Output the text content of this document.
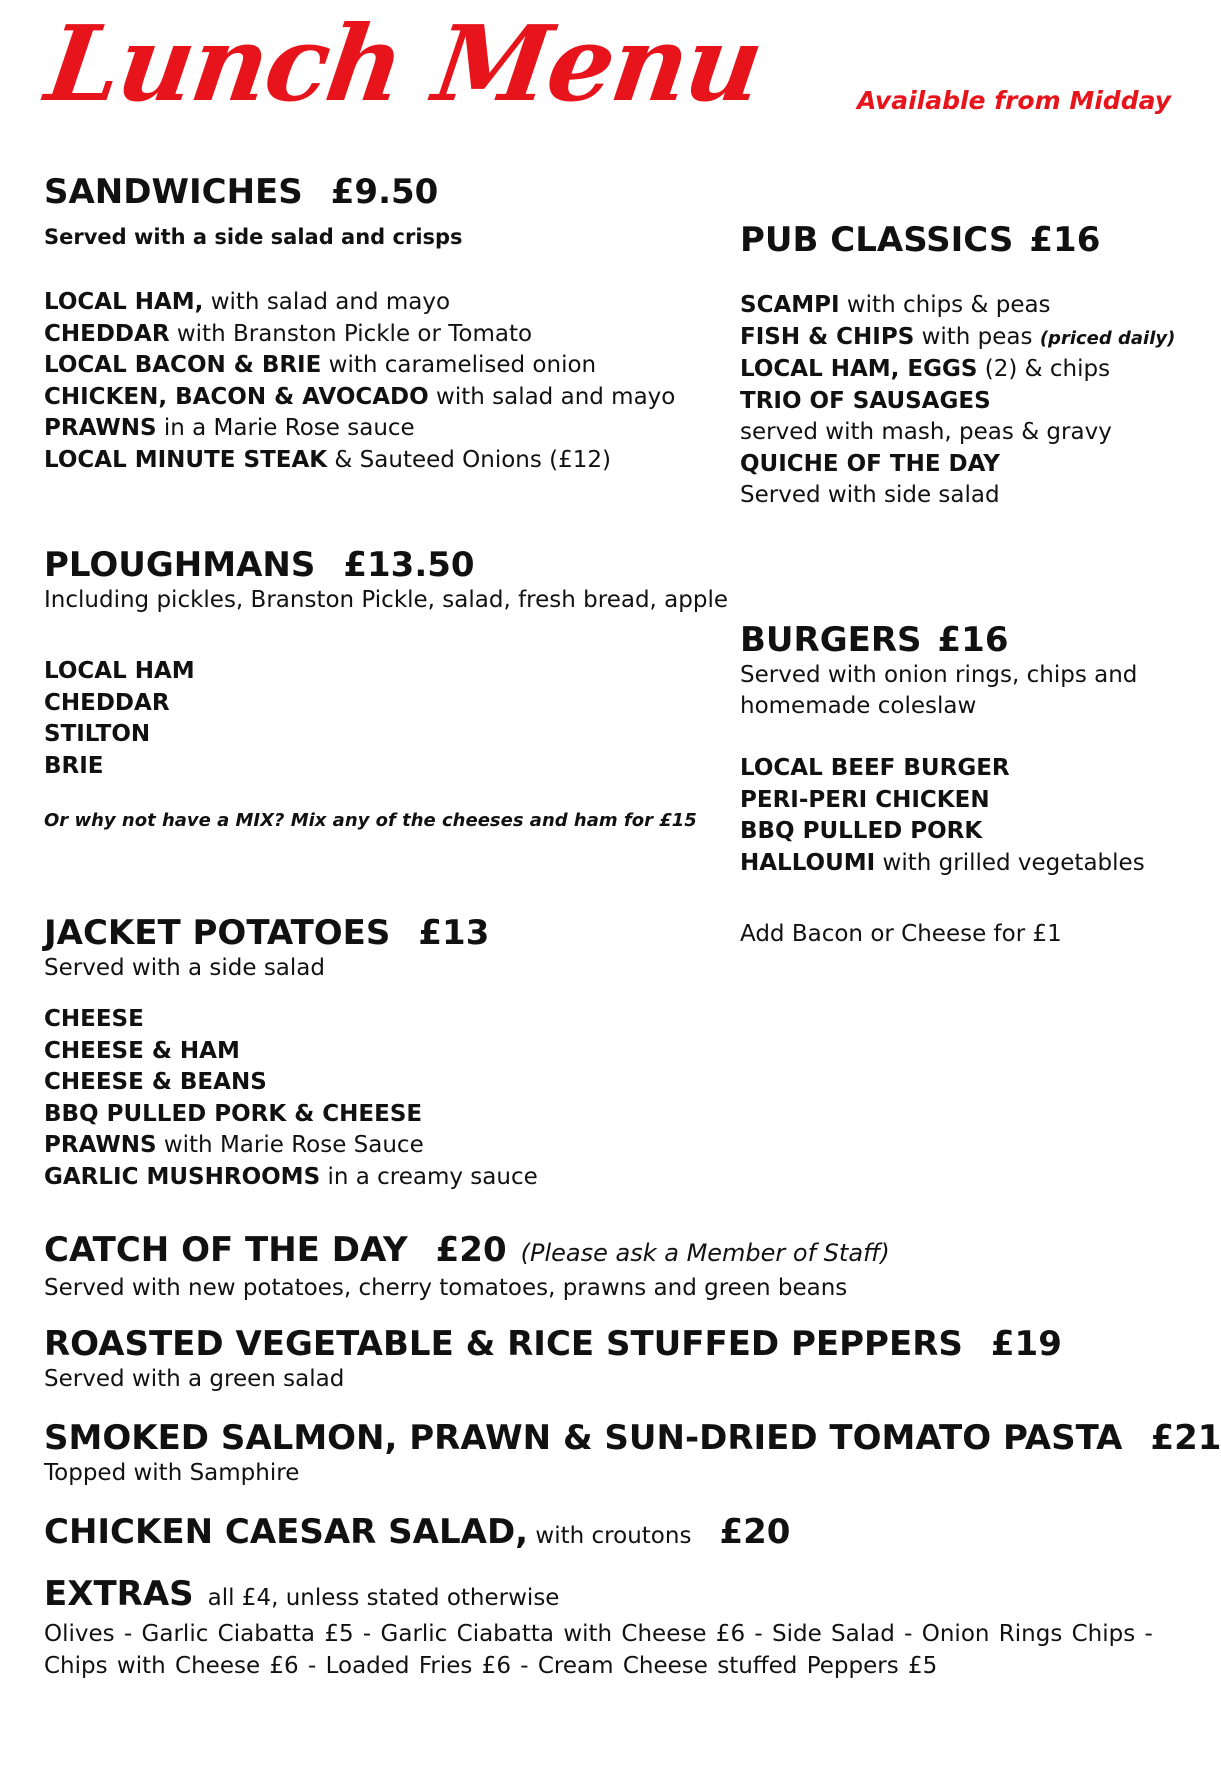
Lunch Menu	Available from Midday
SANDWICHES £9.50
Served with a side salad and crisps
LOCAL HAM, with salad and mayo
CHEDDAR with Branston Pickle or Tomato
LOCAL BACON & BRIE with caramelised onion
CHICKEN, BACON & AVOCADO with salad and mayo
PRAWNS in a Marie Rose sauce
LOCAL MINUTE STEAK & Sauteed Onions (£12)
PUB CLASSICS £16
SCAMPI with chips & peas
FISH & CHIPS with peas (priced daily)
LOCAL HAM, EGGS (2) & chips
TRIO OF SAUSAGES
served with mash, peas & gravy
QUICHE OF THE DAY
Served with side salad
PLOUGHMANS £13.50
Including pickles, Branston Pickle, salad, fresh bread, apple
LOCAL HAM
CHEDDAR
STILTON
BRIE
Or why not have a MIX? Mix any of the cheeses and ham for £15
BURGERS £16
Served with onion rings, chips and
homemade coleslaw
LOCAL BEEF BURGER
PERI-PERI CHICKEN
BBQ PULLED PORK
HALLOUMI with grilled vegetables
Add Bacon or Cheese for £1
JACKET POTATOES £13
Served with a side salad
CHEESE
CHEESE & HAM
CHEESE & BEANS
BBQ PULLED PORK & CHEESE
PRAWNS with Marie Rose Sauce
GARLIC MUSHROOMS in a creamy sauce
CATCH OF THE DAY £20 (Please ask a Member of Staff)
Served with new potatoes, cherry tomatoes, prawns and green beans
ROASTED VEGETABLE & RICE STUFFED PEPPERS £19
Served with a green salad
SMOKED SALMON, PRAWN & SUN-DRIED TOMATO PASTA £21
Topped with Samphire
CHICKEN CAESAR SALAD, with croutons £20
EXTRAS all £4, unless stated otherwise
Olives - Garlic Ciabatta £5 - Garlic Ciabatta with Cheese £6 - Side Salad - Onion Rings Chips -
Chips with Cheese £6 - Loaded Fries £6 - Cream Cheese stuffed Peppers £5
